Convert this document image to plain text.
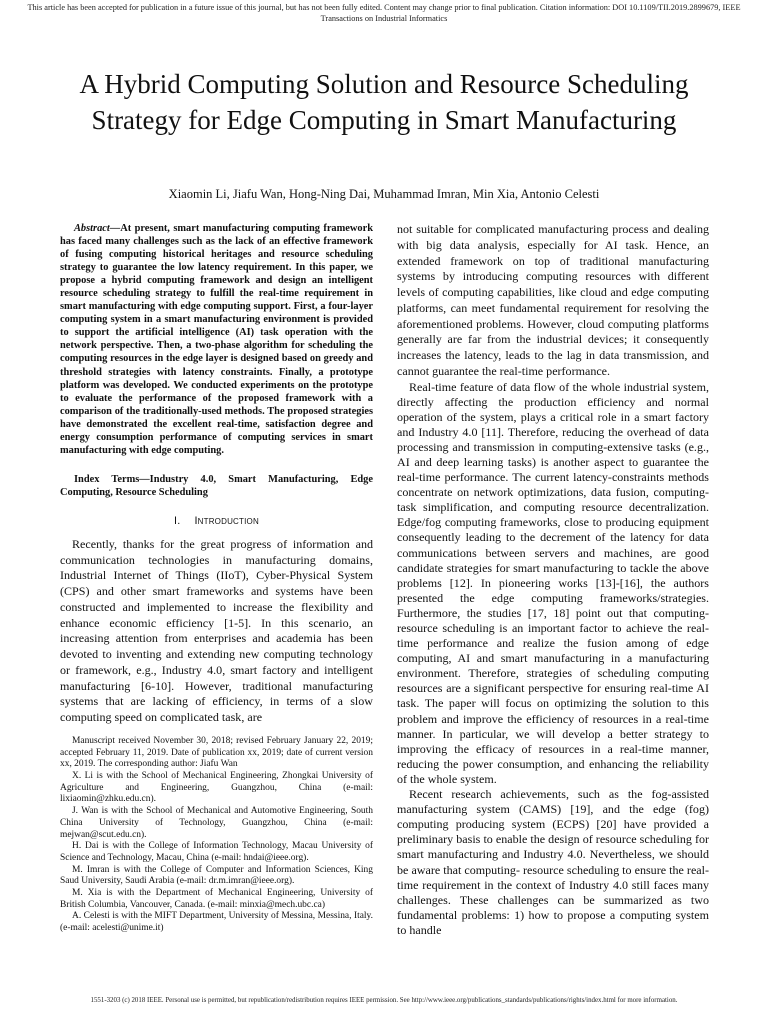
This article has been accepted for publication in a future issue of this journal, but has not been fully edited. Content may change prior to final publication. Citation information: DOI 10.1109/TII.2019.2899679, IEEE
Transactions on Industrial Informatics
A Hybrid Computing Solution and Resource Scheduling Strategy for Edge Computing in Smart Manufacturing
Xiaomin Li, Jiafu Wan, Hong-Ning Dai, Muhammad Imran, Min Xia, Antonio Celesti

Abstract—At present, smart manufacturing computing framework has faced many challenges such as the lack of an effective framework of fusing computing historical heritages and resource scheduling strategy to guarantee the low latency requirement. In this paper, we propose a hybrid computing framework and design an intelligent resource scheduling strategy to fulfill the real-time requirement in smart manufacturing with edge computing support. First, a four-layer computing system in a smart manufacturing environment is provided to support the artificial intelligence (AI) task operation with the network perspective. Then, a two-phase algorithm for scheduling the computing resources in the edge layer is designed based on greedy and threshold strategies with latency constraints. Finally, a prototype platform was developed. We conducted experiments on the prototype to evaluate the performance of the proposed framework with a comparison of the traditionally-used methods. The proposed strategies have demonstrated the excellent real-time, satisfaction degree and energy consumption performance of computing services in smart manufacturing with edge computing.

Index Terms—Industry 4.0, Smart Manufacturing, Edge Computing, Resource Scheduling

I. Introduction

Recently, thanks for the great progress of information and communication technologies in manufacturing domains, Industrial Internet of Things (IIoT), Cyber-Physical System (CPS) and other smart frameworks and systems have been constructed and implemented to increase the flexibility and enhance economic efficiency [1-5]. In this scenario, an increasing attention from enterprises and academia has been devoted to inventing and extending new computing technology or framework, e.g., Industry 4.0, smart factory and intelligent manufacturing [6-10]. However, traditional manufacturing systems that are lacking of efficiency, in terms of a slow computing speed on complicated task, are

Manuscript received November 30, 2018; revised February January 22, 2019; accepted February 11, 2019. Date of publication xx, 2019; date of current version xx, 2019. The corresponding author: Jiafu Wan

X. Li is with the School of Mechanical Engineering, Zhongkai University of Agriculture and Engineering, Guangzhou, China (e-mail: lixiaomin@zhku.edu.cn).

J. Wan is with the School of Mechanical and Automotive Engineering, South China University of Technology, Guangzhou, China (e-mail: mejwan@scut.edu.cn).

H. Dai is with the College of Information Technology, Macau University of Science and Technology, Macau, China (e-mail: hndai@ieee.org).

M. Imran is with the College of Computer and Information Sciences, King Saud University, Saudi Arabia (e-mail: dr.m.imran@ieee.org).

M. Xia is with the Department of Mechanical Engineering, University of British Columbia, Vancouver, Canada. (e-mail: minxia@mech.ubc.ca)

A. Celesti is with the MIFT Department, University of Messina, Messina, Italy. (e-mail: acelesti@unime.it)

not suitable for complicated manufacturing process and dealing with big data analysis, especially for AI task. Hence, an extended framework on top of traditional manufacturing systems by introducing computing resources with different levels of computing capabilities, like cloud and edge computing platforms, can meet fundamental requirement for resolving the aforementioned problems. However, cloud computing platforms generally are far from the industrial devices; it consequently increases the latency, leads to the lag in data transmission, and cannot guarantee the real-time performance.

Real-time feature of data flow of the whole industrial system, directly affecting the production efficiency and normal operation of the system, plays a critical role in a smart factory and Industry 4.0 [11]. Therefore, reducing the overhead of data processing and transmission in computing-extensive tasks (e.g., AI and deep learning tasks) is another aspect to guarantee the real-time performance. The current latency-constraints methods concentrate on network optimizations, data fusion, computing-task simplification, and computing resource decentralization. Edge/fog computing frameworks, close to producing equipment consequently leading to the decrement of the latency for data communications between servers and machines, are good candidate strategies for smart manufacturing to tackle the above problems [12]. In pioneering works [13]-[16], the authors presented the edge computing frameworks/strategies. Furthermore, the studies [17, 18] point out that computing-resource scheduling is an important factor to achieve the real-time performance and realize the fusion among of edge computing, AI and smart manufacturing in a manufacturing environment. Therefore, strategies of scheduling computing resources are a significant perspective for ensuring real-time AI task. The paper will focus on optimizing the solution to this problem and improve the efficiency of resources in a real-time manner. In particular, we will develop a better strategy to improving the efficacy of resources in a real-time manner, reducing the power consumption, and enhancing the reliability of the whole system.

Recent research achievements, such as the fog-assisted manufacturing system (CAMS) [19], and the edge (fog) computing producing system (ECPS) [20] have provided a preliminary basis to enable the design of resource scheduling for smart manufacturing and Industry 4.0. Nevertheless, we should be aware that computing- resource scheduling to ensure the real-time requirement in the context of Industry 4.0 still faces many challenges. These challenges can be summarized as two fundamental problems: 1) how to propose a computing system to handle

1551-3203 (c) 2018 IEEE. Personal use is permitted, but republication/redistribution requires IEEE permission. See http://www.ieee.org/publications_standards/publications/rights/index.html for more information.
